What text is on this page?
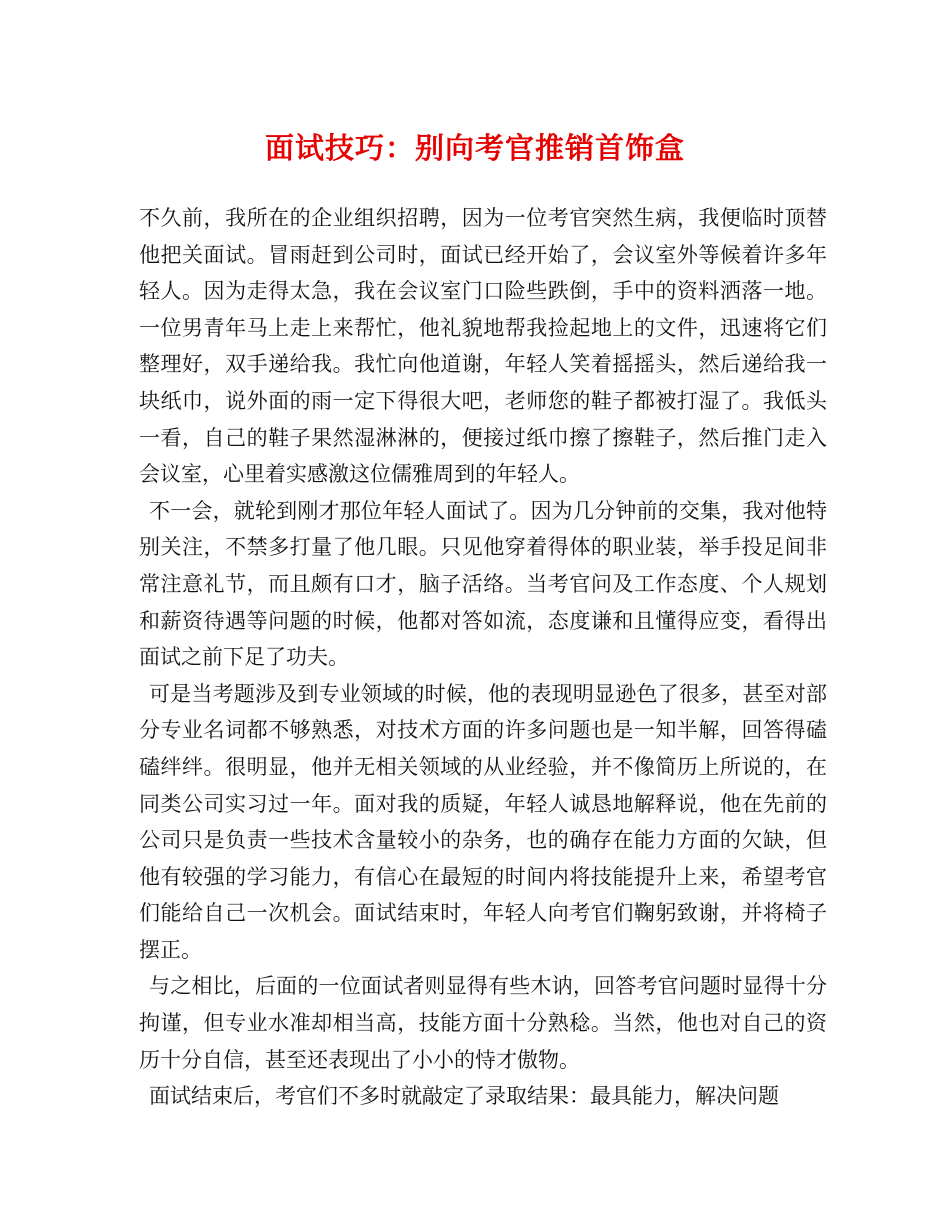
面试技巧：别向考官推销首饰盒

不久前，我所在的企业组织招聘，因为一位考官突然生病，我便临时顶替他把关面试。冒雨赶到公司时，面试已经开始了，会议室外等候着许多年轻人。因为走得太急，我在会议室门口险些跌倒，手中的资料洒落一地。一位男青年马上走上来帮忙，他礼貌地帮我捡起地上的文件，迅速将它们整理好，双手递给我。我忙向他道谢，年轻人笑着摇摇头，然后递给我一块纸巾，说外面的雨一定下得很大吧，老师您的鞋子都被打湿了。我低头一看，自己的鞋子果然湿淋淋的，便接过纸巾擦了擦鞋子，然后推门走入会议室，心里着实感激这位儒雅周到的年轻人。

不一会，就轮到刚才那位年轻人面试了。因为几分钟前的交集，我对他特别关注，不禁多打量了他几眼。只见他穿着得体的职业装，举手投足间非常注意礼节，而且颇有口才，脑子活络。当考官问及工作态度、个人规划和薪资待遇等问题的时候，他都对答如流，态度谦和且懂得应变，看得出面试之前下足了功夫。

可是当考题涉及到专业领域的时候，他的表现明显逊色了很多，甚至对部分专业名词都不够熟悉，对技术方面的许多问题也是一知半解，回答得磕磕绊绊。很明显，他并无相关领域的从业经验，并不像简历上所说的，在同类公司实习过一年。面对我的质疑，年轻人诚恳地解释说，他在先前的公司只是负责一些技术含量较小的杂务，也的确存在能力方面的欠缺，但他有较强的学习能力，有信心在最短的时间内将技能提升上来，希望考官们能给自己一次机会。面试结束时，年轻人向考官们鞠躬致谢，并将椅子摆正。

与之相比，后面的一位面试者则显得有些木讷，回答考官问题时显得十分拘谨，但专业水准却相当高，技能方面十分熟稔。当然，他也对自己的资历十分自信，甚至还表现出了小小的恃才傲物。

面试结束后，考官们不多时就敲定了录取结果：最具能力，解决问题
